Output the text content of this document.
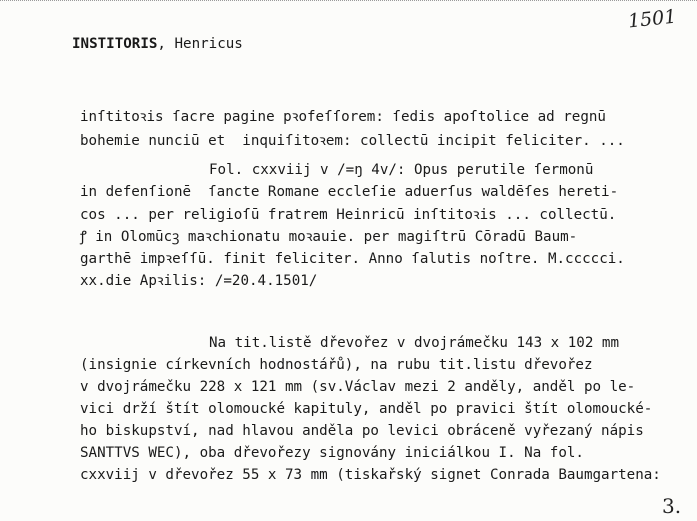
1501
INSTITORIS, Henricus
inſtitoꝛis ſacre pagine pꝛofeſſorem: ſedis apoſtolice ad regnū
bohemie nunciū et  inquiſitoꝛem: collectū incipit feliciter. ...
Fol. cxxviij v /=ŋ 4v/: Opus perutile ſermonū
in defenſionē  ſancte Romane eccleſie aduerſus waldēſes hereti-
cos ... per religioſū fratrem Heinricū inſtitoꝛis ... collectū.
ꝭ in Olomūcꝫ maꝛchionatu moꝛauie. per magiſtrū Cōradū Baum-
garthē impꝛeſſū. finit feliciter. Anno ſalutis noſtre. M.ccccci.
xx.die Apꝛilis: /=20.4.1501/
Na tit.listě dřevořez v dvojrámečku 143 x 102 mm
(insignie církevních hodnostářů), na rubu tit.listu dřevořez
v dvojrámečku 228 x 121 mm (sv.Václav mezi 2 anděly, anděl po le-
vici drží štít olomoucké kapituly, anděl po pravici štít olomoucké-
ho biskupství, nad hlavou anděla po levici obráceně vyřezaný nápis
SANTTVS WEC), oba dřevořezy signovány iniciálkou I. Na fol.
cxxviij v dřevořez 55 x 73 mm (tiskařský signet Conrada Baumgartena:
3.
